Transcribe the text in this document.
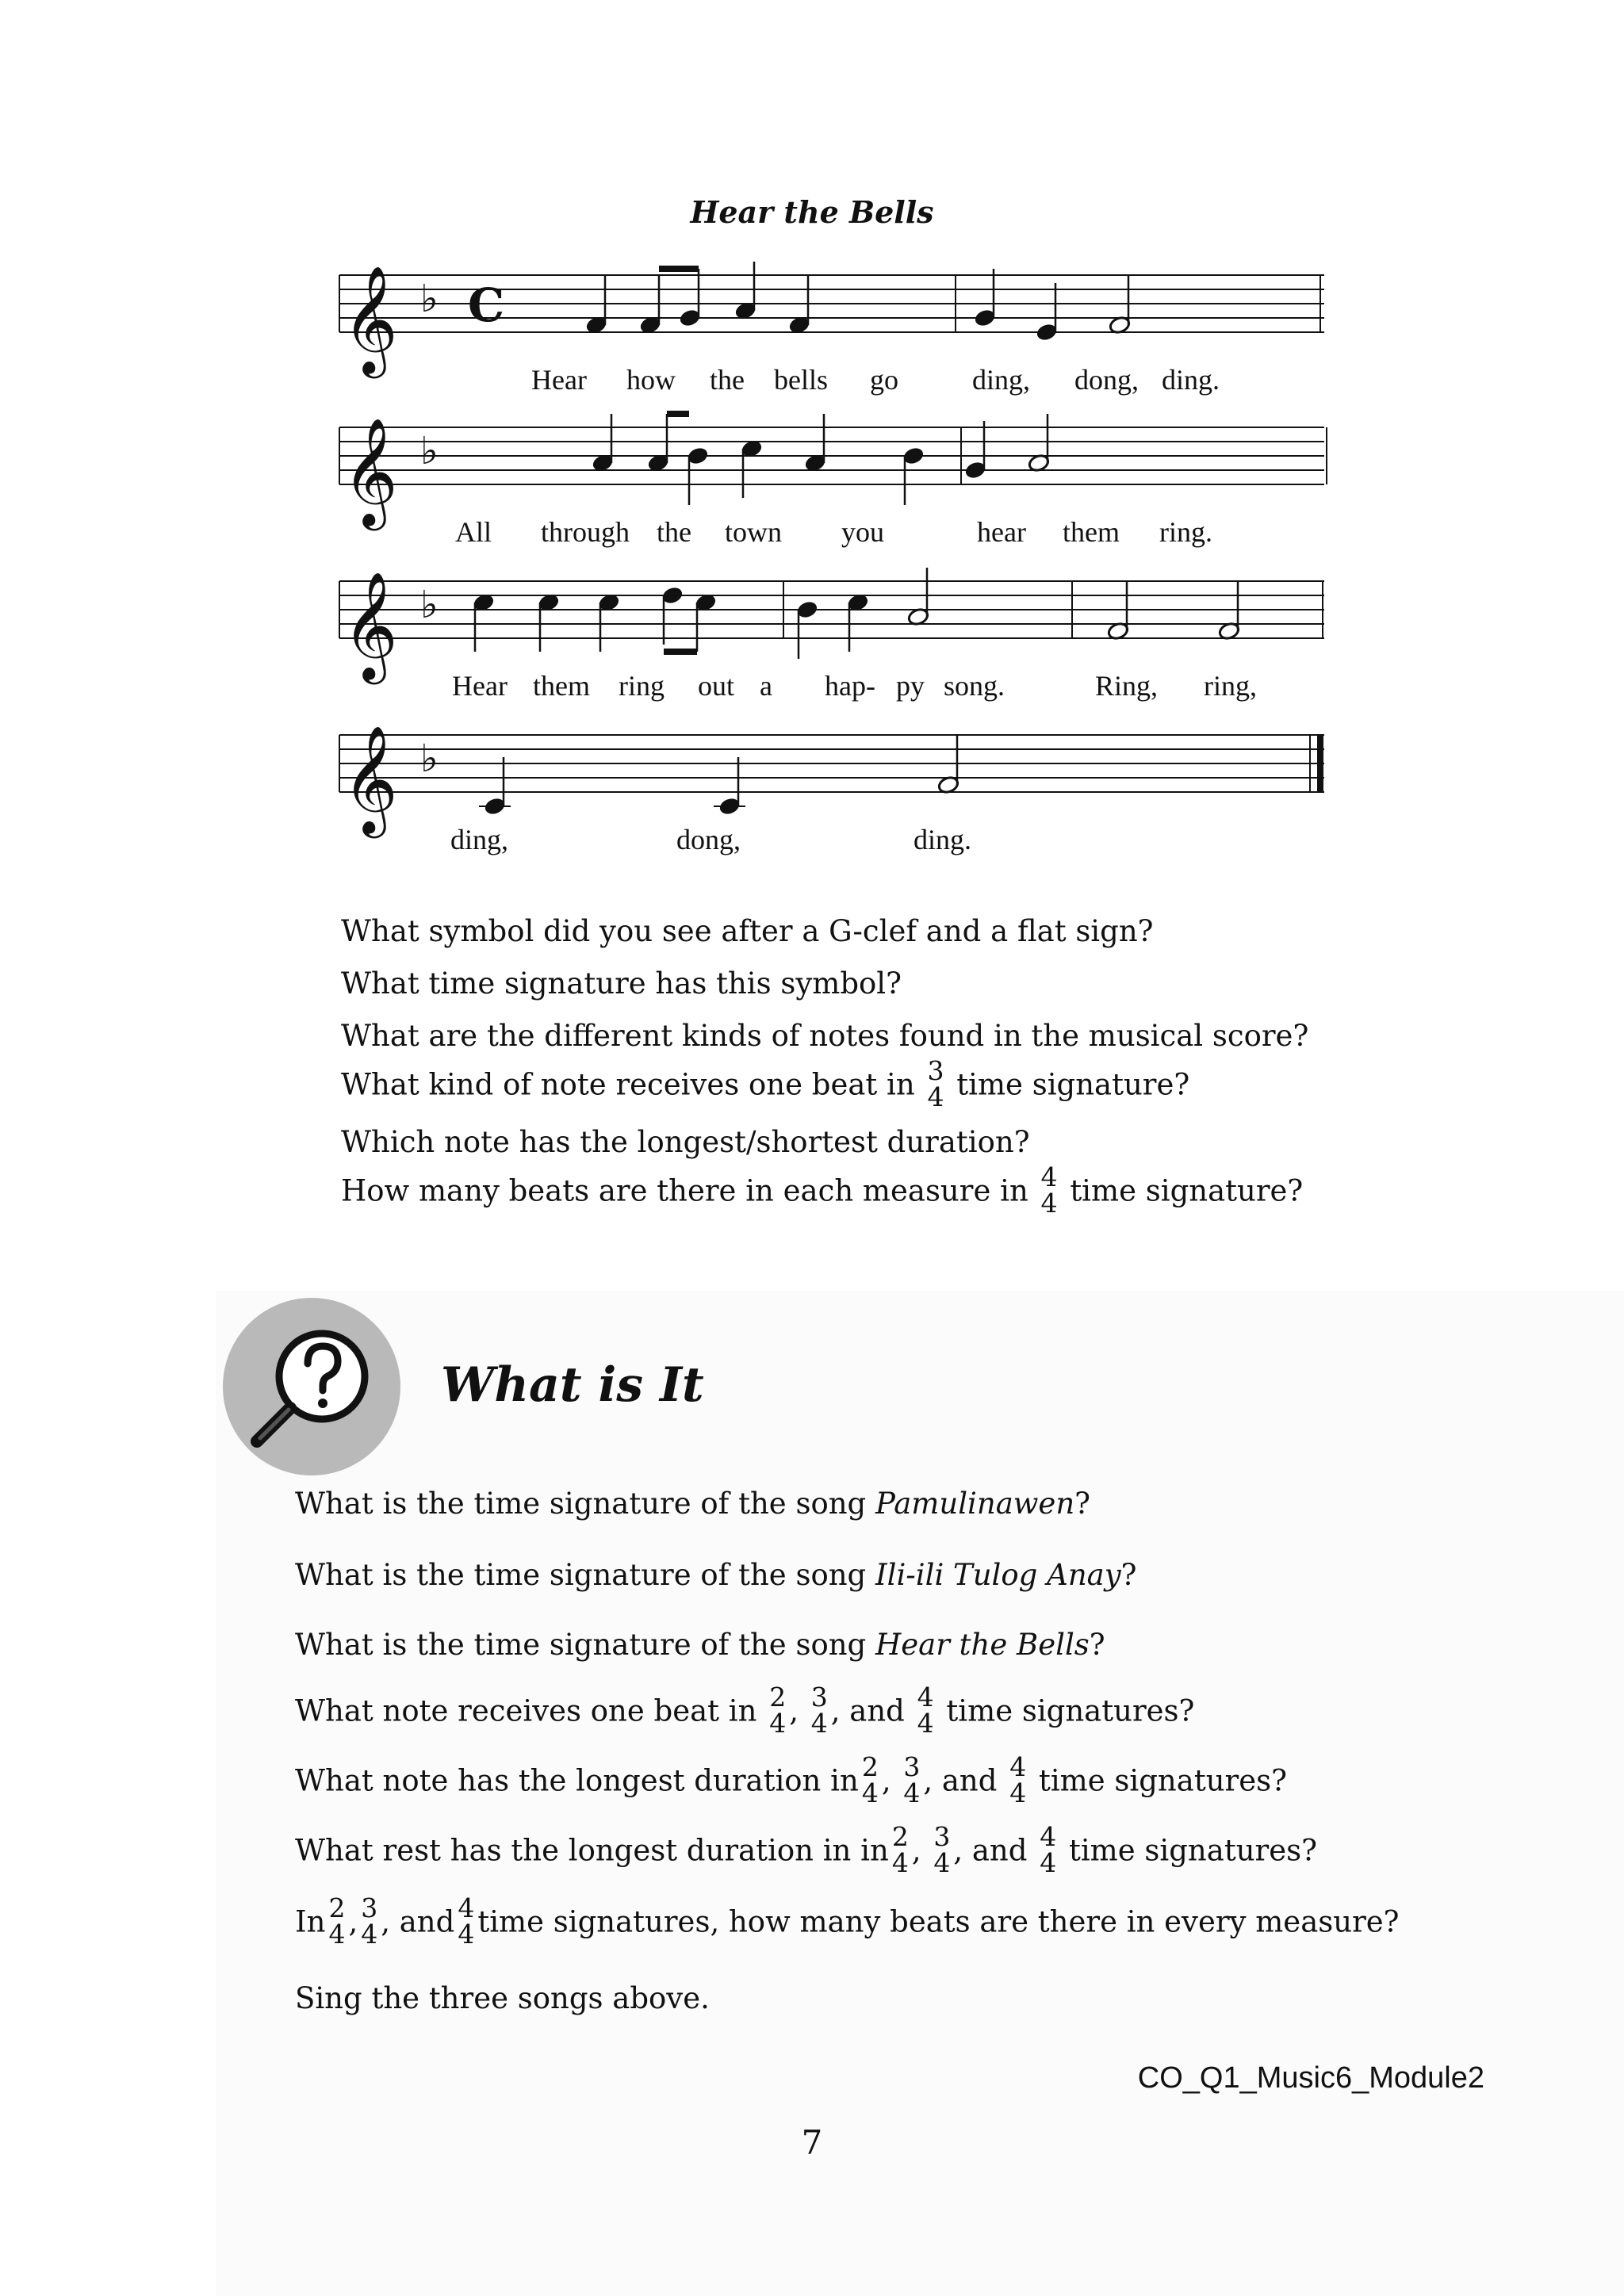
Hear the Bells
𝄞 ♭ C
𝄞 ♭
𝄞 ♭
𝄞 ♭
Hear how the bells go	ding, dong, ding.
All through the town you	hear them ring.
Hear them ring out a hap- py song.	Ring, ring,
ding,	dong,	ding.
What symbol did you see after a G-clef and a flat sign?
What time signature has this symbol?
What are the different kinds of notes found in the musical score?
What kind of note receives one beat in 3
4 time signature?
Which note has the longest/shortest duration?
How many beats are there in each measure in 4
4 time signature?
What is It
What is the time signature of the song Pamulinawen?
What is the time signature of the song Ili-ili Tulog Anay?
What is the time signature of the song Hear the Bells?
What note receives one beat in 2
4 , 3
4 , and 4
4 time signatures?
What note has the longest duration in 2
4 , 3
4 , and 4
4 time signatures?
What rest has the longest duration in in 2
4 , 3
4 , and 4
4 time signatures?
In 2
4 , 3
4 , and 4
4 time signatures, how many beats are there in every measure?
Sing the three songs above.
CO_Q1_Music6_Module2
7
